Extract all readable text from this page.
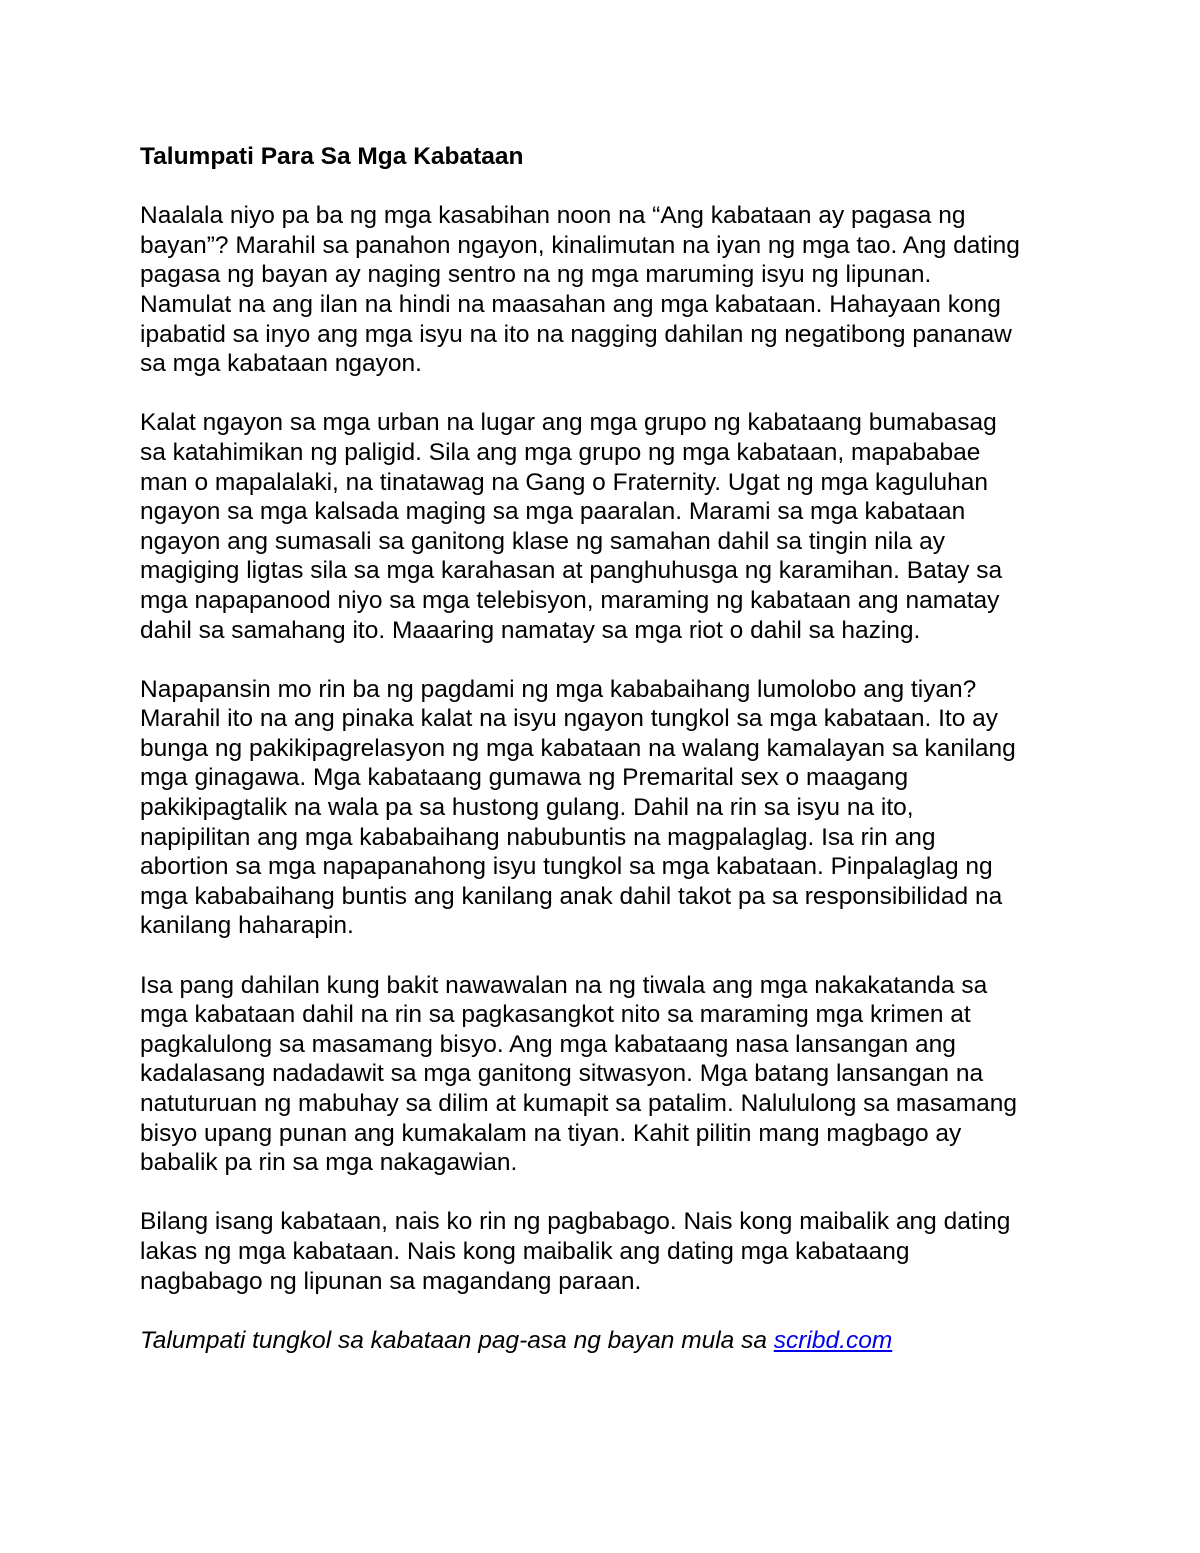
Talumpati Para Sa Mga Kabataan
Naalala niyo pa ba ng mga kasabihan noon na “Ang kabataan ay pagasa ng
bayan”? Marahil sa panahon ngayon, kinalimutan na iyan ng mga tao. Ang dating
pagasa ng bayan ay naging sentro na ng mga maruming isyu ng lipunan.
Namulat na ang ilan na hindi na maasahan ang mga kabataan. Hahayaan kong
ipabatid sa inyo ang mga isyu na ito na nagging dahilan ng negatibong pananaw
sa mga kabataan ngayon.
Kalat ngayon sa mga urban na lugar ang mga grupo ng kabataang bumabasag
sa katahimikan ng paligid. Sila ang mga grupo ng mga kabataan, mapababae
man o mapalalaki, na tinatawag na Gang o Fraternity. Ugat ng mga kaguluhan
ngayon sa mga kalsada maging sa mga paaralan. Marami sa mga kabataan
ngayon ang sumasali sa ganitong klase ng samahan dahil sa tingin nila ay
magiging ligtas sila sa mga karahasan at panghuhusga ng karamihan. Batay sa
mga napapanood niyo sa mga telebisyon, maraming ng kabataan ang namatay
dahil sa samahang ito. Maaaring namatay sa mga riot o dahil sa hazing.
Napapansin mo rin ba ng pagdami ng mga kababaihang lumolobo ang tiyan?
Marahil ito na ang pinaka kalat na isyu ngayon tungkol sa mga kabataan. Ito ay
bunga ng pakikipagrelasyon ng mga kabataan na walang kamalayan sa kanilang
mga ginagawa. Mga kabataang gumawa ng Premarital sex o maagang
pakikipagtalik na wala pa sa hustong gulang. Dahil na rin sa isyu na ito,
napipilitan ang mga kababaihang nabubuntis na magpalaglag. Isa rin ang
abortion sa mga napapanahong isyu tungkol sa mga kabataan. Pinpalaglag ng
mga kababaihang buntis ang kanilang anak dahil takot pa sa responsibilidad na
kanilang haharapin.
Isa pang dahilan kung bakit nawawalan na ng tiwala ang mga nakakatanda sa
mga kabataan dahil na rin sa pagkasangkot nito sa maraming mga krimen at
pagkalulong sa masamang bisyo. Ang mga kabataang nasa lansangan ang
kadalasang nadadawit sa mga ganitong sitwasyon. Mga batang lansangan na
natuturuan ng mabuhay sa dilim at kumapit sa patalim. Nalululong sa masamang
bisyo upang punan ang kumakalam na tiyan. Kahit pilitin mang magbago ay
babalik pa rin sa mga nakagawian.
Bilang isang kabataan, nais ko rin ng pagbabago. Nais kong maibalik ang dating
lakas ng mga kabataan. Nais kong maibalik ang dating mga kabataang
nagbabago ng lipunan sa magandang paraan.

Talumpati tungkol sa kabataan pag-asa ng bayan mula sa scribd.com
